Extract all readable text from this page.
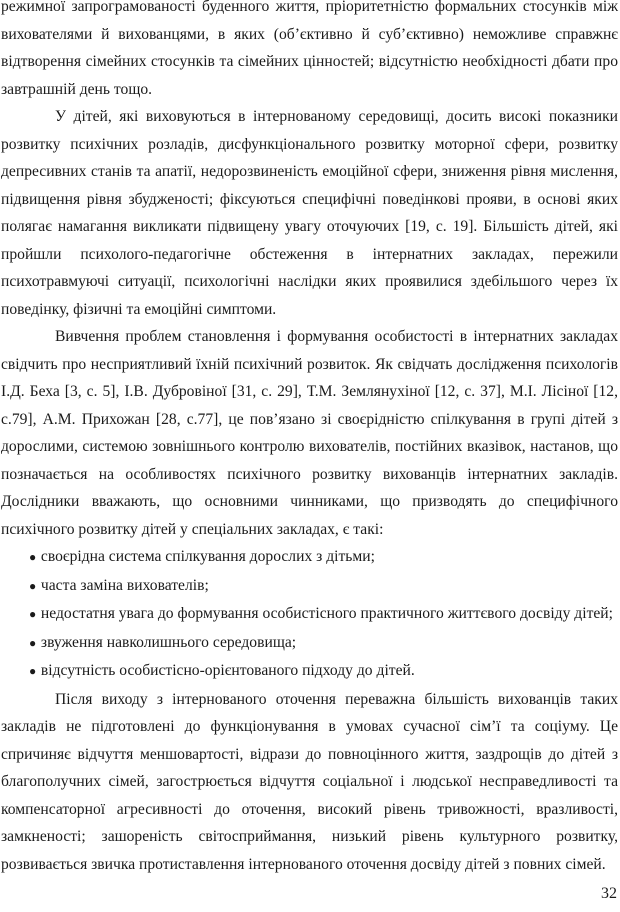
режимної запрограмованості буденного життя, пріоритетністю формальних стосунків між вихователями й вихованцями, в яких (об’єктивно й суб’єктивно) неможливе справжнє відтворення сімейних стосунків та сімейних цінностей; відсутністю необхідності дбати про завтрашній день тощо.

У дітей, які виховуються в інтернованому середовищі, досить високі показники розвитку психічних розладів, дисфункціонального розвитку моторної сфери, розвитку депресивних станів та апатії, недорозвиненість емоційної сфери, зниження рівня мислення, підвищення рівня збудженості; фіксуються специфічні поведінкові прояви, в основі яких полягає намагання викликати підвищену увагу оточуючих [19, с. 19]. Більшість дітей, які пройшли психолого-педагогічне обстеження в інтернатних закладах, пережили психотравмуючі ситуації, психологічні наслідки яких проявилися здебільшого через їх поведінку, фізичні та емоційні симптоми.

Вивчення проблем становлення і формування особистості в інтернатних закладах свідчить про несприятливий їхній психічний розвиток. Як свідчать дослідження психологів І.Д. Беха [3, с. 5], І.В. Дубровіної [31, с. 29], Т.М. Землянухіної [12, с. 37], М.І. Лісіної [12, с.79], А.М. Прихожан [28, с.77], це пов’язано зі своєрідністю спілкування в групі дітей з дорослими, системою зовнішнього контролю вихователів, постійних вказівок, настанов, що позначається на особливостях психічного розвитку вихованців інтернатних закладів. Дослідники вважають, що основними чинниками, що призводять до специфічного психічного розвитку дітей у спеціальних закладах, є такі:

● своєрідна система спілкування дорослих з дітьми;
● часта заміна вихователів;
● недостатня увага до формування особистісного практичного життєвого досвіду дітей;
● звуження навколишнього середовища;
● відсутність особистісно-орієнтованого підходу до дітей.

Після виходу з інтернованого оточення переважна більшість вихованців таких закладів не підготовлені до функціонування в умовах сучасної сім’ї та соціуму. Це спричиняє відчуття меншовартості, відрази до повноцінного життя, заздрощів до дітей з благополучних сімей, загострюється відчуття соціальної і людської несправедливості та компенсаторної агресивності до оточення, високий рівень тривожності, вразливості, замкненості; зашореність світосприймання, низький рівень культурного розвитку, розвивається звичка протиставлення інтернованого оточення досвіду дітей з повних сімей.

32
